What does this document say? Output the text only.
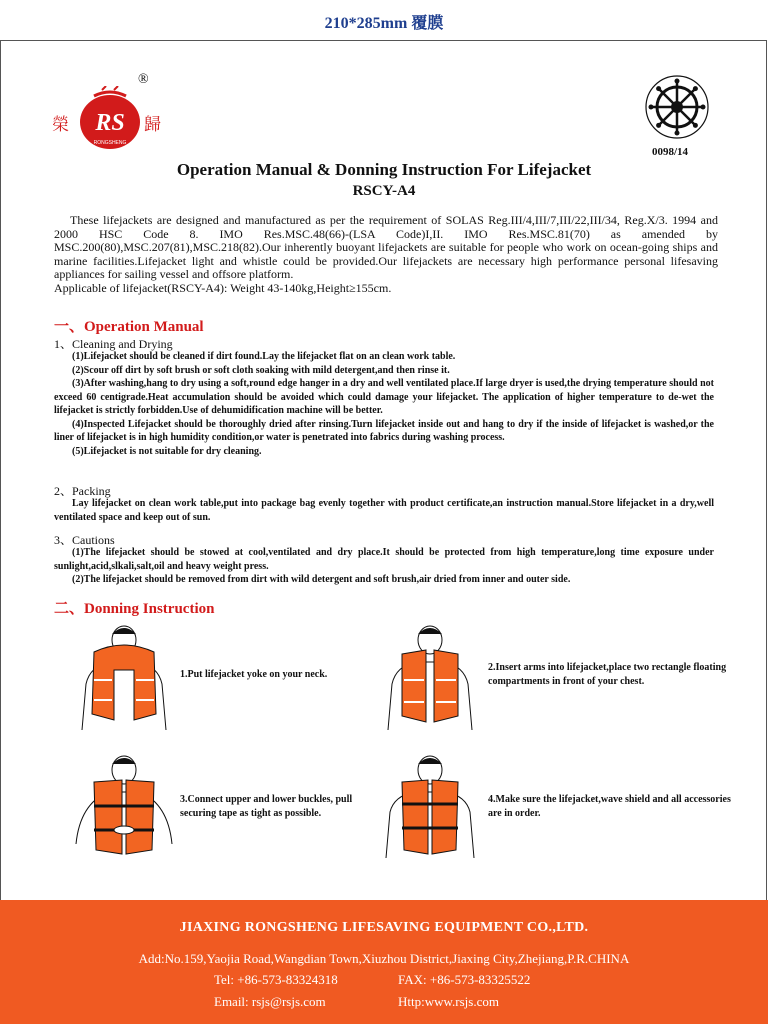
210*285mm 覆膜
榮 RS
RONGSHENG
®
歸
0098/14
Operation Manual & Donning Instruction For Lifejacket
RSCY-A4

These lifejackets are designed and manufactured as per the requirement of SOLAS Reg.III/4,III/7,III/22,III/34, Reg.X/3. 1994 and 2000 HSC Code 8. IMO Res.MSC.48(66)-(LSA Code)I,II. IMO Res.MSC.81(70) as amended by MSC.200(80),MSC.207(81),MSC.218(82).Our inherently buoyant lifejackets are suitable for people who work on ocean-going ships and marine facilities.Lifejacket light and whistle could be provided.Our lifejackets are necessary high performance personal lifesaving appliances for sailing vessel and offsore platform.

Applicable of lifejacket(RSCY-A4): Weight 43-140kg,Height≥155cm.

一、Operation Manual
1、Cleaning and Drying

(1)Lifejacket should be cleaned if dirt found.Lay the lifejacket flat on an clean work table.

(2)Scour off dirt by soft brush or soft cloth soaking with mild detergent,and then rinse it.

(3)After washing,hang to dry using a soft,round edge hanger in a dry and well ventilated place.If large dryer is used,the drying temperature should not exceed 60 centigrade.Heat accumulation should be avoided which could damage your lifejacket. The application of higher temperature to de-wet the lifejacket is strictly forbidden.Use of dehumidification machine will be better.

(4)Inspected Lifejacket should be thoroughly dried after rinsing.Turn lifejacket inside out and hang to dry if the inside of lifejacket is washed,or the liner of lifejacket is in high humidity condition,or water is penetrated into fabrics during washing process.

(5)Lifejacket is not suitable for dry cleaning.

2、Packing

Lay lifejacket on clean work table,put into package bag evenly together with product certificate,an instruction manual.Store lifejacket in a dry,well ventilated space and keep out of sun.

3、Cautions

(1)The lifejacket should be stowed at cool,ventilated and dry place.It should be protected from high temperature,long time exposure under sunlight,acid,slkali,salt,oil and heavy weight press.

(2)The lifejacket should be removed from dirt with wild detergent and soft brush,air dried from inner and outer side.

二、Donning Instruction
1.Put lifejacket yoke on your neck.
2.Insert arms into lifejacket,place two rectangle floating compartments in front of your chest.
3.Connect upper and lower buckles, pull securing tape as tight as possible.
4.Make sure the lifejacket,wave shield and all accessories are in order.
JIAXING RONGSHENG LIFESAVING EQUIPMENT CO.,LTD.
Add:No.159,Yaojia Road,Wangdian Town,Xiuzhou District,Jiaxing City,Zhejiang,P.R.CHINA
Tel: +86-573-83324318	FAX: +86-573-83325522
Email: rsjs@rsjs.com	Http:www.rsjs.com
